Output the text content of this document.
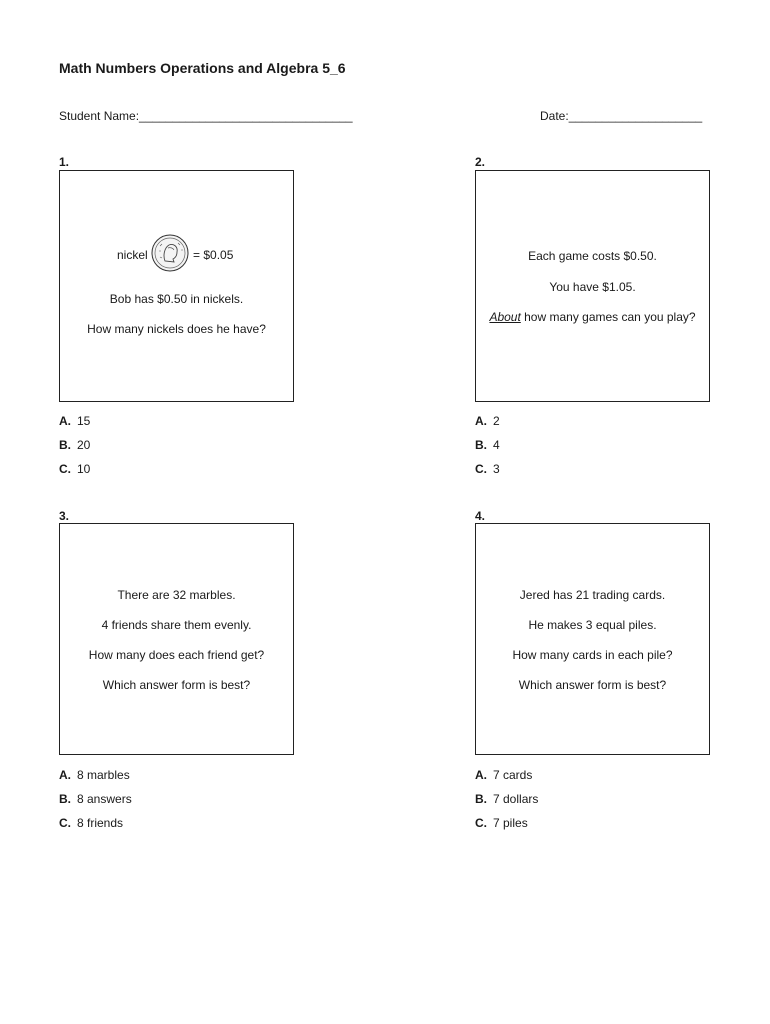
Math Numbers Operations and Algebra 5_6
Student Name:________________________________	Date:____________________
1.
nickel	= $0.05
Bob has $0.50 in nickels.
How many nickels does he have?
A. 15
B. 20
C. 10
2.
Each game costs $0.50.
You have $1.05.
About how many games can you play?
A. 2
B. 4
C. 3
3.
There are 32 marbles.
4 friends share them evenly.
How many does each friend get?
Which answer form is best?
A. 8 marbles
B. 8 answers
C. 8 friends
4.
Jered has 21 trading cards.
He makes 3 equal piles.
How many cards in each pile?
Which answer form is best?
A. 7 cards
B. 7 dollars
C. 7 piles
